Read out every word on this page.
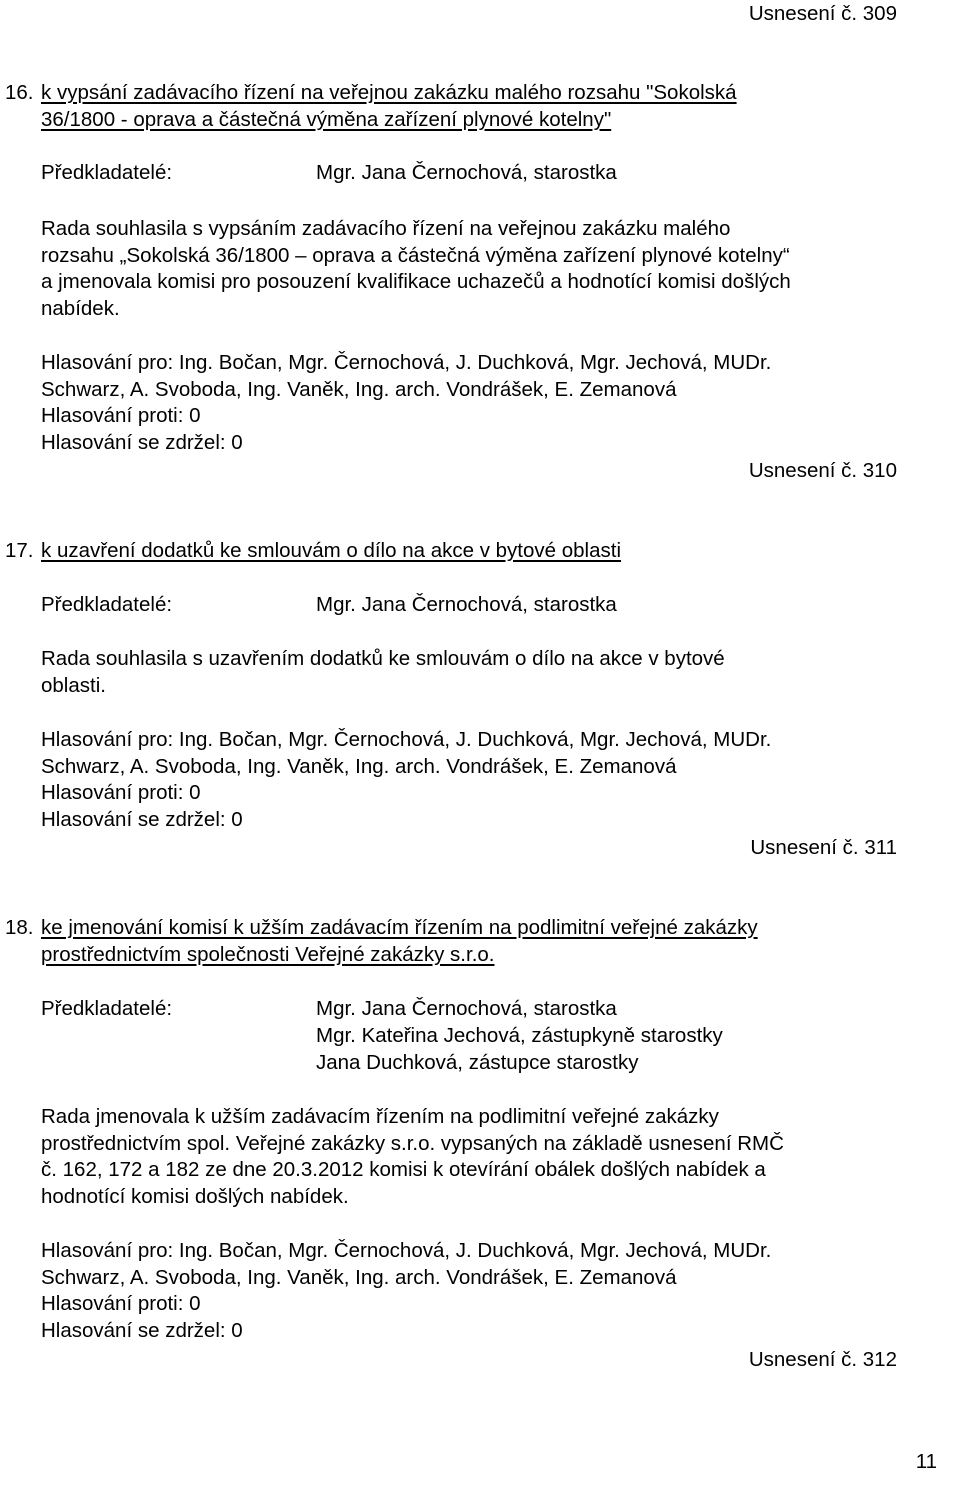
Usnesení č. 309
16. k vypsání zadávacího řízení na veřejnou zakázku malého rozsahu "Sokolská
36/1800 - oprava a částečná výměna zařízení plynové kotelny"
Předkladatelé:	Mgr. Jana Černochová, starostka

Rada souhlasila s vypsáním zadávacího řízení na veřejnou zakázku malého

rozsahu „Sokolská 36/1800 – oprava a částečná výměna zařízení plynové kotelny“

a jmenovala komisi pro posouzení kvalifikace uchazečů a hodnotící komisi došlých

nabídek.

Hlasování pro: Ing. Bočan, Mgr. Černochová, J. Duchková, Mgr. Jechová, MUDr.

Schwarz, A. Svoboda, Ing. Vaněk, Ing. arch. Vondrášek, E. Zemanová

Hlasování proti: 0

Hlasování se zdržel: 0

Usnesení č. 310
17. k uzavření dodatků ke smlouvám o dílo na akce v bytové oblasti
Předkladatelé:	Mgr. Jana Černochová, starostka

Rada souhlasila s uzavřením dodatků ke smlouvám o dílo na akce v bytové

oblasti.

Hlasování pro: Ing. Bočan, Mgr. Černochová, J. Duchková, Mgr. Jechová, MUDr.

Schwarz, A. Svoboda, Ing. Vaněk, Ing. arch. Vondrášek, E. Zemanová

Hlasování proti: 0

Hlasování se zdržel: 0

Usnesení č. 311
18. ke jmenování komisí k užším zadávacím řízením na podlimitní veřejné zakázky
prostřednictvím společnosti Veřejné zakázky s.r.o.
Předkladatelé:	Mgr. Jana Černochová, starostka
Mgr. Kateřina Jechová, zástupkyně starostky
Jana Duchková, zástupce starostky

Rada jmenovala k užším zadávacím řízením na podlimitní veřejné zakázky

prostřednictvím spol. Veřejné zakázky s.r.o. vypsaných na základě usnesení RMČ

č. 162, 172 a 182 ze dne 20.3.2012 komisi k otevírání obálek došlých nabídek a

hodnotící komisi došlých nabídek.

Hlasování pro: Ing. Bočan, Mgr. Černochová, J. Duchková, Mgr. Jechová, MUDr.

Schwarz, A. Svoboda, Ing. Vaněk, Ing. arch. Vondrášek, E. Zemanová

Hlasování proti: 0

Hlasování se zdržel: 0

Usnesení č. 312
11
